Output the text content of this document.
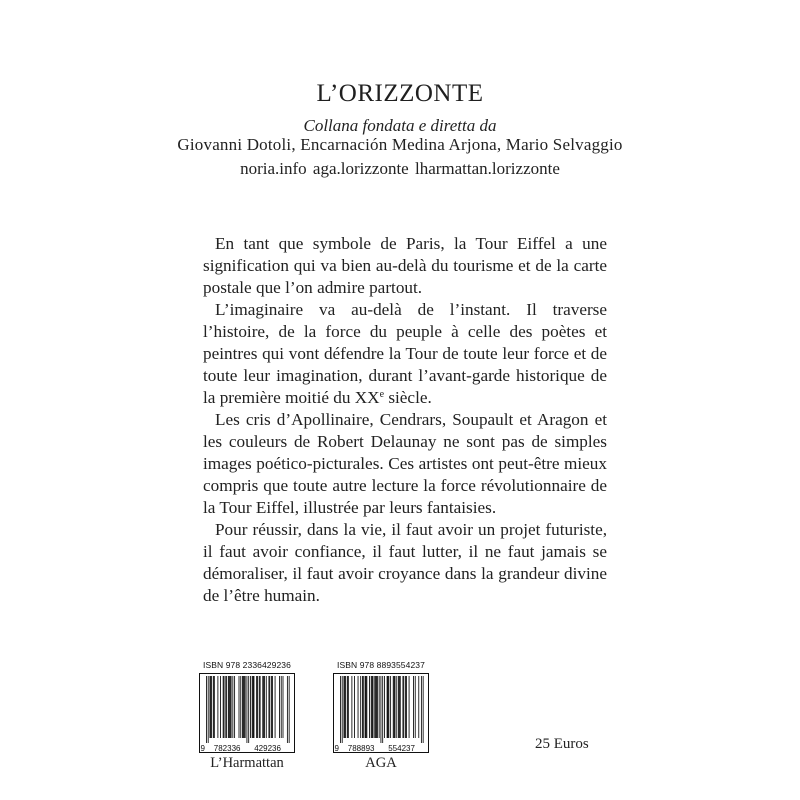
L’ORIZZONTE
Collana fondata e diretta da
Giovanni Dotoli, Encarnación Medina Arjona, Mario Selvaggio
noria.info aga.lorizzonte lharmattan.lorizzonte

En tant que symbole de Paris, la Tour Eiffel a une signification qui va bien au-delà du tourisme et de la carte postale que l’on admire partout.

L’imaginaire va au-delà de l’instant. Il traverse l’histoire, de la force du peuple à celle des poètes et peintres qui vont défendre la Tour de toute leur force et de toute leur imagination, durant l’avant-garde historique de la première moitié du XXe siècle.

Les cris d’Apollinaire, Cendrars, Soupault et Aragon et les couleurs de Robert Delaunay ne sont pas de simples images poético-picturales. Ces artistes ont peut-être mieux compris que toute autre lecture la force révolutionnaire de la Tour Eiffel, illustrée par leurs fantaisies.

Pour réussir, dans la vie, il faut avoir un projet futuriste, il faut avoir confiance, il faut lutter, il ne faut jamais se démoraliser, il faut avoir croyance dans la grandeur divine de l’être humain.

ISBN 978 2336429236
9 782336 429236
L’Harmattan
ISBN 978 8893554237
9 788893 554237
AGA
25 Euros
